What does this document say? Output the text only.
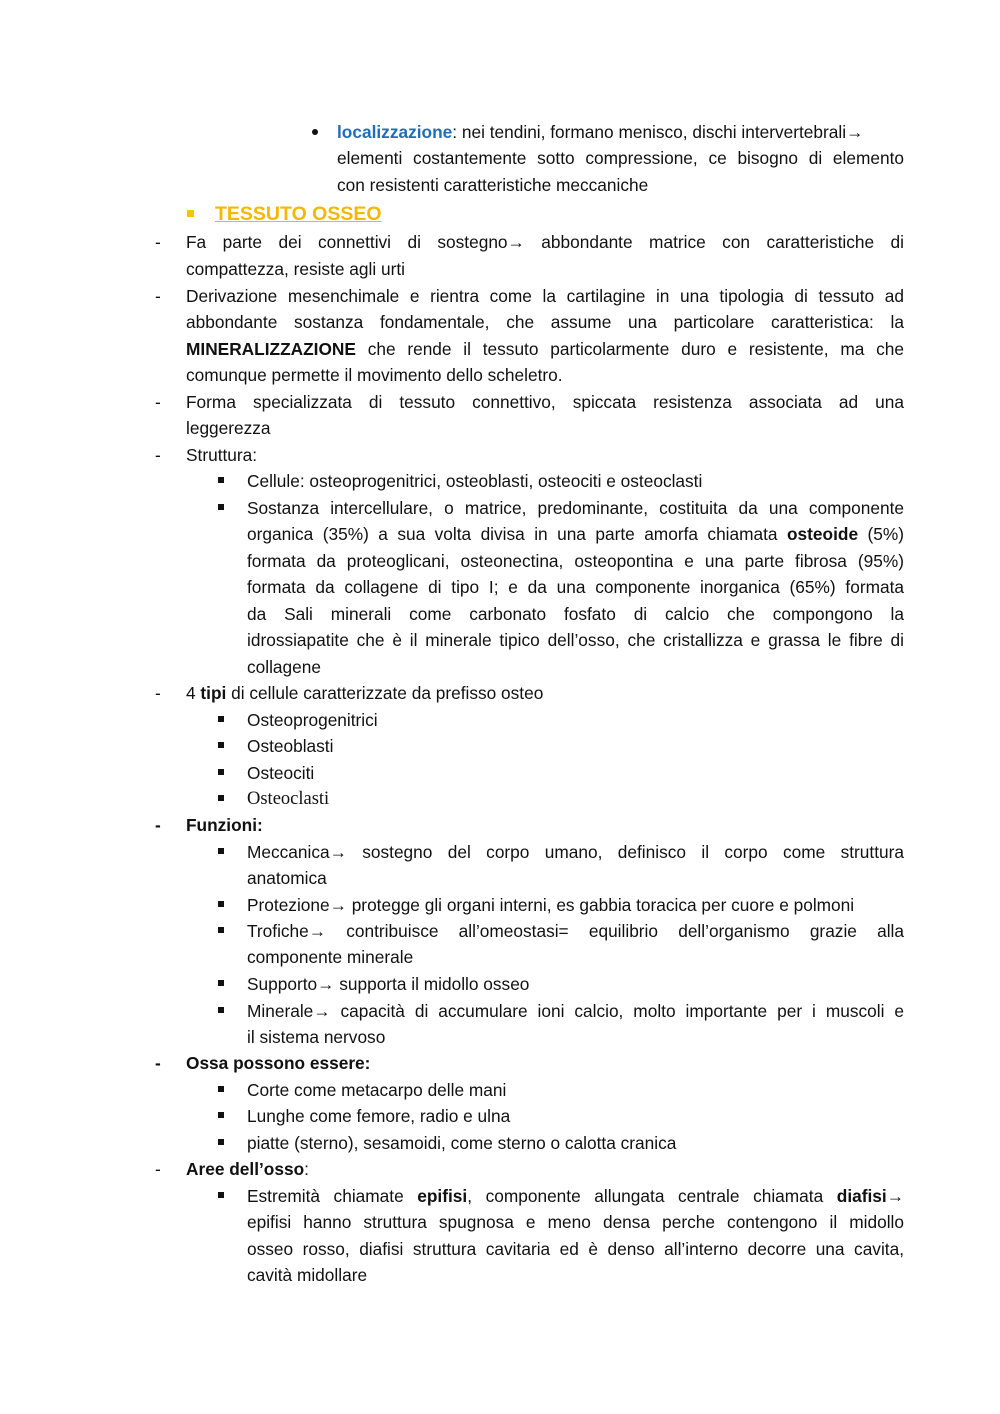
localizzazione: nei tendini, formano menisco, dischi intervertebrali→
elementi costantemente sotto compressione, ce bisogno di elemento
con resistenti caratteristiche meccaniche
TESSUTO OSSEO
- Fa parte dei connettivi di sostegno→ abbondante matrice con caratteristiche di
compattezza, resiste agli urti
- Derivazione mesenchimale e rientra come la cartilagine in una tipologia di tessuto ad
abbondante sostanza fondamentale, che assume una particolare caratteristica: la
MINERALIZZAZIONE che rende il tessuto particolarmente duro e resistente, ma che
comunque permette il movimento dello scheletro.
- Forma specializzata di tessuto connettivo, spiccata resistenza associata ad una
leggerezza
- Struttura:
Cellule: osteoprogenitrici, osteoblasti, osteociti e osteoclasti
Sostanza intercellulare, o matrice, predominante, costituita da una componente
organica (35%) a sua volta divisa in una parte amorfa chiamata osteoide (5%)
formata da proteoglicani, osteonectina, osteopontina e una parte fibrosa (95%)
formata da collagene di tipo I; e da una componente inorganica (65%) formata
da Sali minerali come carbonato fosfato di calcio che compongono la
idrossiapatite che è il minerale tipico dell’osso, che cristallizza e grassa le fibre di
collagene
- 4 tipi di cellule caratterizzate da prefisso osteo
Osteoprogenitrici
Osteoblasti
Osteociti
Osteoclasti
- Funzioni:
Meccanica→ sostegno del corpo umano, definisco il corpo come struttura
anatomica
Protezione→ protegge gli organi interni, es gabbia toracica per cuore e polmoni
Trofiche→ contribuisce all’omeostasi= equilibrio dell’organismo grazie alla
componente minerale
Supporto→ supporta il midollo osseo
Minerale→ capacità di accumulare ioni calcio, molto importante per i muscoli e
il sistema nervoso
- Ossa possono essere:
Corte come metacarpo delle mani
Lunghe come femore, radio e ulna
piatte (sterno), sesamoidi, come sterno o calotta cranica
- Aree dell’osso:
Estremità chiamate epifisi, componente allungata centrale chiamata diafisi→
epifisi hanno struttura spugnosa e meno densa perche contengono il midollo
osseo rosso, diafisi struttura cavitaria ed è denso all’interno decorre una cavita,
cavità midollare
